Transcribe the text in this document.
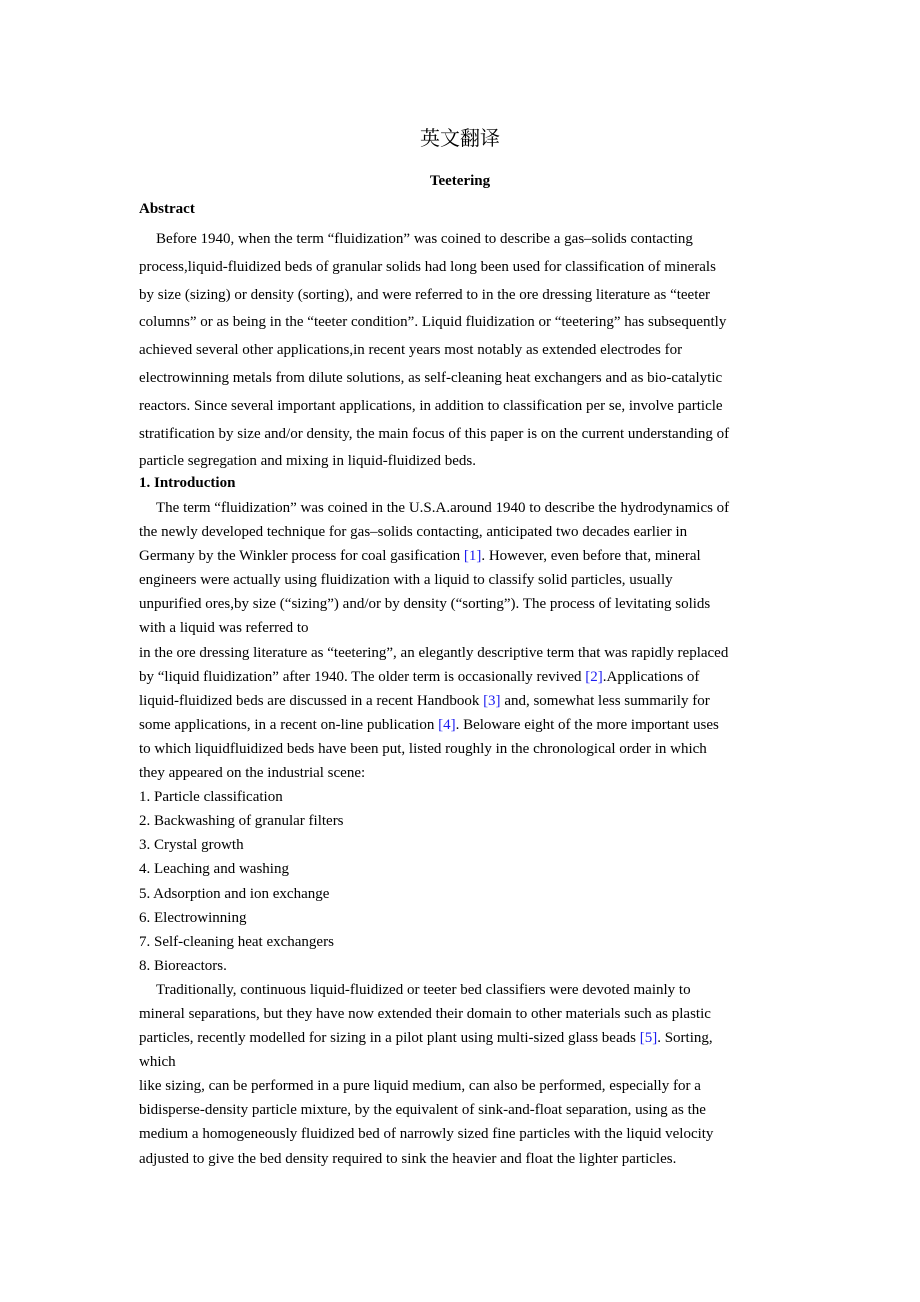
英文翻译
Teetering
Abstract
Before 1940, when the term “fluidization” was coined to describe a gas–solids contacting
process,liquid-fluidized beds of granular solids had long been used for classification of minerals
by size (sizing) or density (sorting), and were referred to in the ore dressing literature as “teeter
columns” or as being in the “teeter condition”. Liquid fluidization or “teetering” has subsequently
achieved several other applications,in recent years most notably as extended electrodes for
electrowinning metals from dilute solutions, as self-cleaning heat exchangers and as bio-catalytic
reactors. Since several important applications, in addition to classification per se, involve particle
stratification by size and/or density, the main focus of this paper is on the current understanding of
particle segregation and mixing in liquid-fluidized beds.
1. Introduction
The term “fluidization” was coined in the U.S.A.around 1940 to describe the hydrodynamics of
the newly developed technique for gas–solids contacting, anticipated two decades earlier in
Germany by the Winkler process for coal gasification [1]. However, even before that, mineral
engineers were actually using fluidization with a liquid to classify solid particles, usually
unpurified ores,by size (“sizing”) and/or by density (“sorting”). The process of levitating solids
with a liquid was referred to
in the ore dressing literature as “teetering”, an elegantly descriptive term that was rapidly replaced
by “liquid fluidization” after 1940. The older term is occasionally revived [2].Applications of
liquid-fluidized beds are discussed in a recent Handbook [3] and, somewhat less summarily for
some applications, in a recent on-line publication [4]. Beloware eight of the more important uses
to which liquidfluidized beds have been put, listed roughly in the chronological order in which
they appeared on the industrial scene:
1. Particle classification
2. Backwashing of granular filters
3. Crystal growth
4. Leaching and washing
5. Adsorption and ion exchange
6. Electrowinning
7. Self-cleaning heat exchangers
8. Bioreactors.
Traditionally, continuous liquid-fluidized or teeter bed classifiers were devoted mainly to
mineral separations, but they have now extended their domain to other materials such as plastic
particles, recently modelled for sizing in a pilot plant using multi-sized glass beads [5]. Sorting,
which
like sizing, can be performed in a pure liquid medium, can also be performed, especially for a
bidisperse-density particle mixture, by the equivalent of sink-and-float separation, using as the
medium a homogeneously fluidized bed of narrowly sized fine particles with the liquid velocity
adjusted to give the bed density required to sink the heavier and float the lighter particles.
